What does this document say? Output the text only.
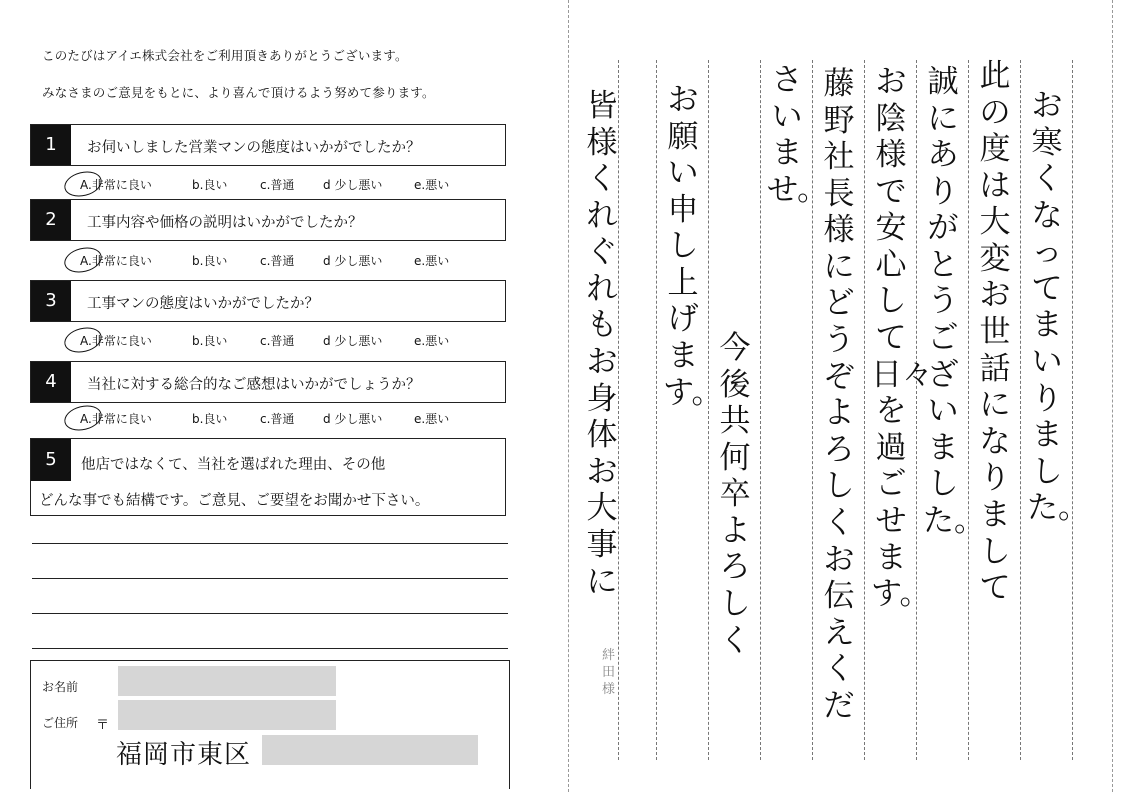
このたびはアイエ株式会社をご利用頂きありがとうございます。
みなさまのご意見をもとに、より喜んで頂けるよう努めて参ります。
1	お伺いしました営業マンの態度はいかがでしたか？
A.非常に良い	b.良い	c.普通 d 少し悪い	e.悪い
2	工事内容や価格の説明はいかがでしたか？
A.非常に良い	b.良い	c.普通 d 少し悪い	e.悪い
3	工事マンの態度はいかがでしたか？
A.非常に良い	b.良い	c.普通 d 少し悪い	e.悪い
4	当社に対する総合的なご感想はいかがでしょうか？
A.非常に良い	b.良い	c.普通 d 少し悪い	e.悪い
5	他店ではなくて、当社を選ばれた理由、その他
どんな事でも結構です。ご意見、ご要望をお聞かせ下さい。
お名前
ご住所 〒
福岡市東区
お寒くなってまいりました。
此の度は大変お世話になりまして
誠にありがとうございました。
お陰様で安心して日々を過ごせます。
藤野社長様にどうぞよろしくお伝えくだ
さいませ。
今後共何卒よろしく
お願い申し上げます。
皆様くれぐれもお身体お大事に
絆田様
